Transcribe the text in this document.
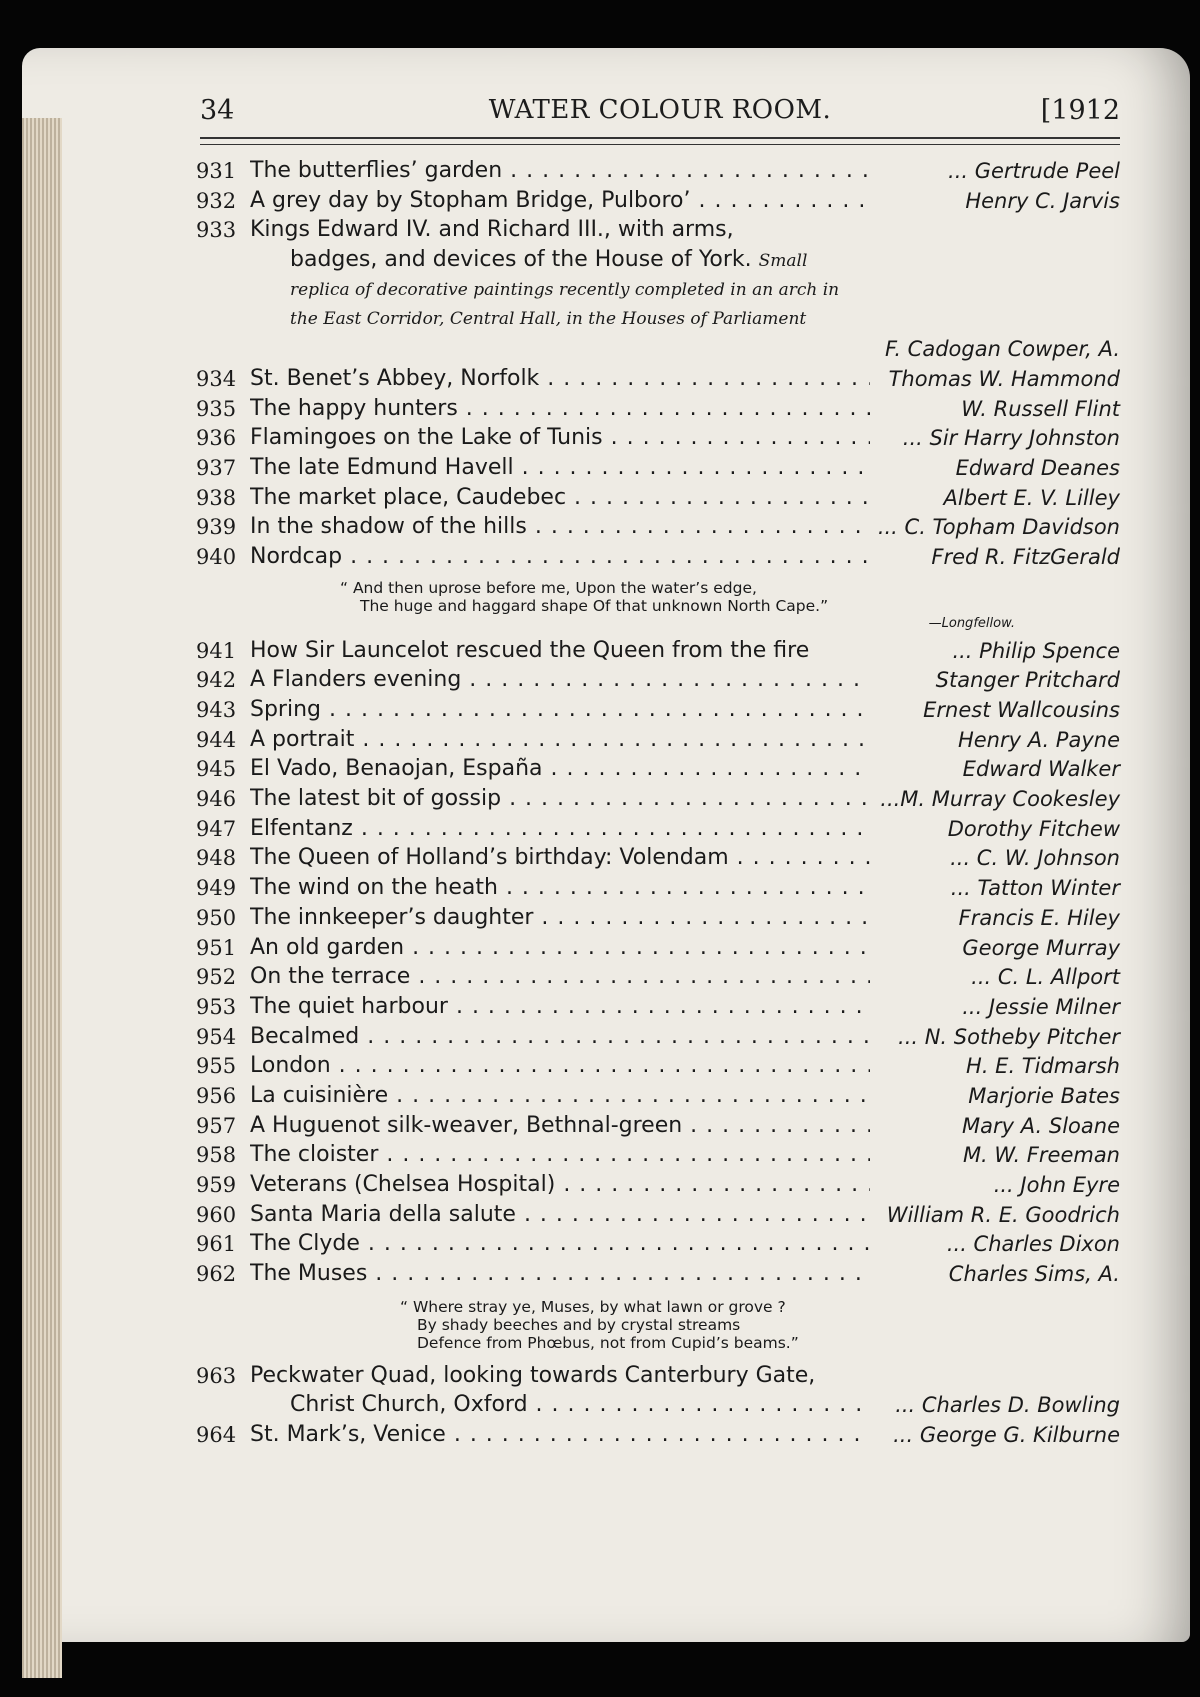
34	WATER COLOUR ROOM.	[1912
931 The butterflies’ garden . . .	... Gertrude Peel
932 A grey day by Stopham Bridge, Pulboro’ . . .	Henry C. Jarvis
933 Kings Edward IV. and Richard III., with arms,
badges, and devices of the House of York. Small
replica of decorative paintings recently completed in an arch in
the East Corridor, Central Hall, in the Houses of Parliament
F. Cadogan Cowper, A.
934 St. Benet’s Abbey, Norfolk . . .	Thomas W. Hammond
935 The happy hunters . . .	W. Russell Flint
936 Flamingoes on the Lake of Tunis . . .	... Sir Harry Johnston
937 The late Edmund Havell . . .	Edward Deanes
938 The market place, Caudebec . . .	Albert E. V. Lilley
939 In the shadow of the hills . . .	... C. Topham Davidson
940 Nordcap . . .	Fred R. FitzGerald
“ And then uprose before me, Upon the water’s edge,
The huge and haggard shape Of that unknown North Cape.”
—Longfellow.
941 How Sir Launcelot rescued the Queen from the fire	... Philip Spence
942 A Flanders evening . . .	Stanger Pritchard
943 Spring . . .	Ernest Wallcousins
944 A portrait . . .	Henry A. Payne
945 El Vado, Benaojan, España . . .	Edward Walker
946 The latest bit of gossip . . .	...M. Murray Cookesley
947 Elfentanz . . .	Dorothy Fitchew
948 The Queen of Holland’s birthday: Volendam . . .	... C. W. Johnson
949 The wind on the heath . . .	... Tatton Winter
950 The innkeeper’s daughter . . .	Francis E. Hiley
951 An old garden . . .	George Murray
952 On the terrace . . .	... C. L. Allport
953 The quiet harbour . . .	... Jessie Milner
954 Becalmed . . .	... N. Sotheby Pitcher
955 London . . .	H. E. Tidmarsh
956 La cuisinière . . .	Marjorie Bates
957 A Huguenot silk-weaver, Bethnal-green . . .	Mary A. Sloane
958 The cloister . . .	M. W. Freeman
959 Veterans (Chelsea Hospital) . . .	... John Eyre
960 Santa Maria della salute . . .	William R. E. Goodrich
961 The Clyde . . .	... Charles Dixon
962 The Muses . . .	Charles Sims, A.
“ Where stray ye, Muses, by what lawn or grove ?
By shady beeches and by crystal streams
Defence from Phœbus, not from Cupid’s beams.”
963 Peckwater Quad, looking towards Canterbury Gate,
Christ Church, Oxford . . .	... Charles D. Bowling
964 St. Mark’s, Venice . . .	... George G. Kilburne
